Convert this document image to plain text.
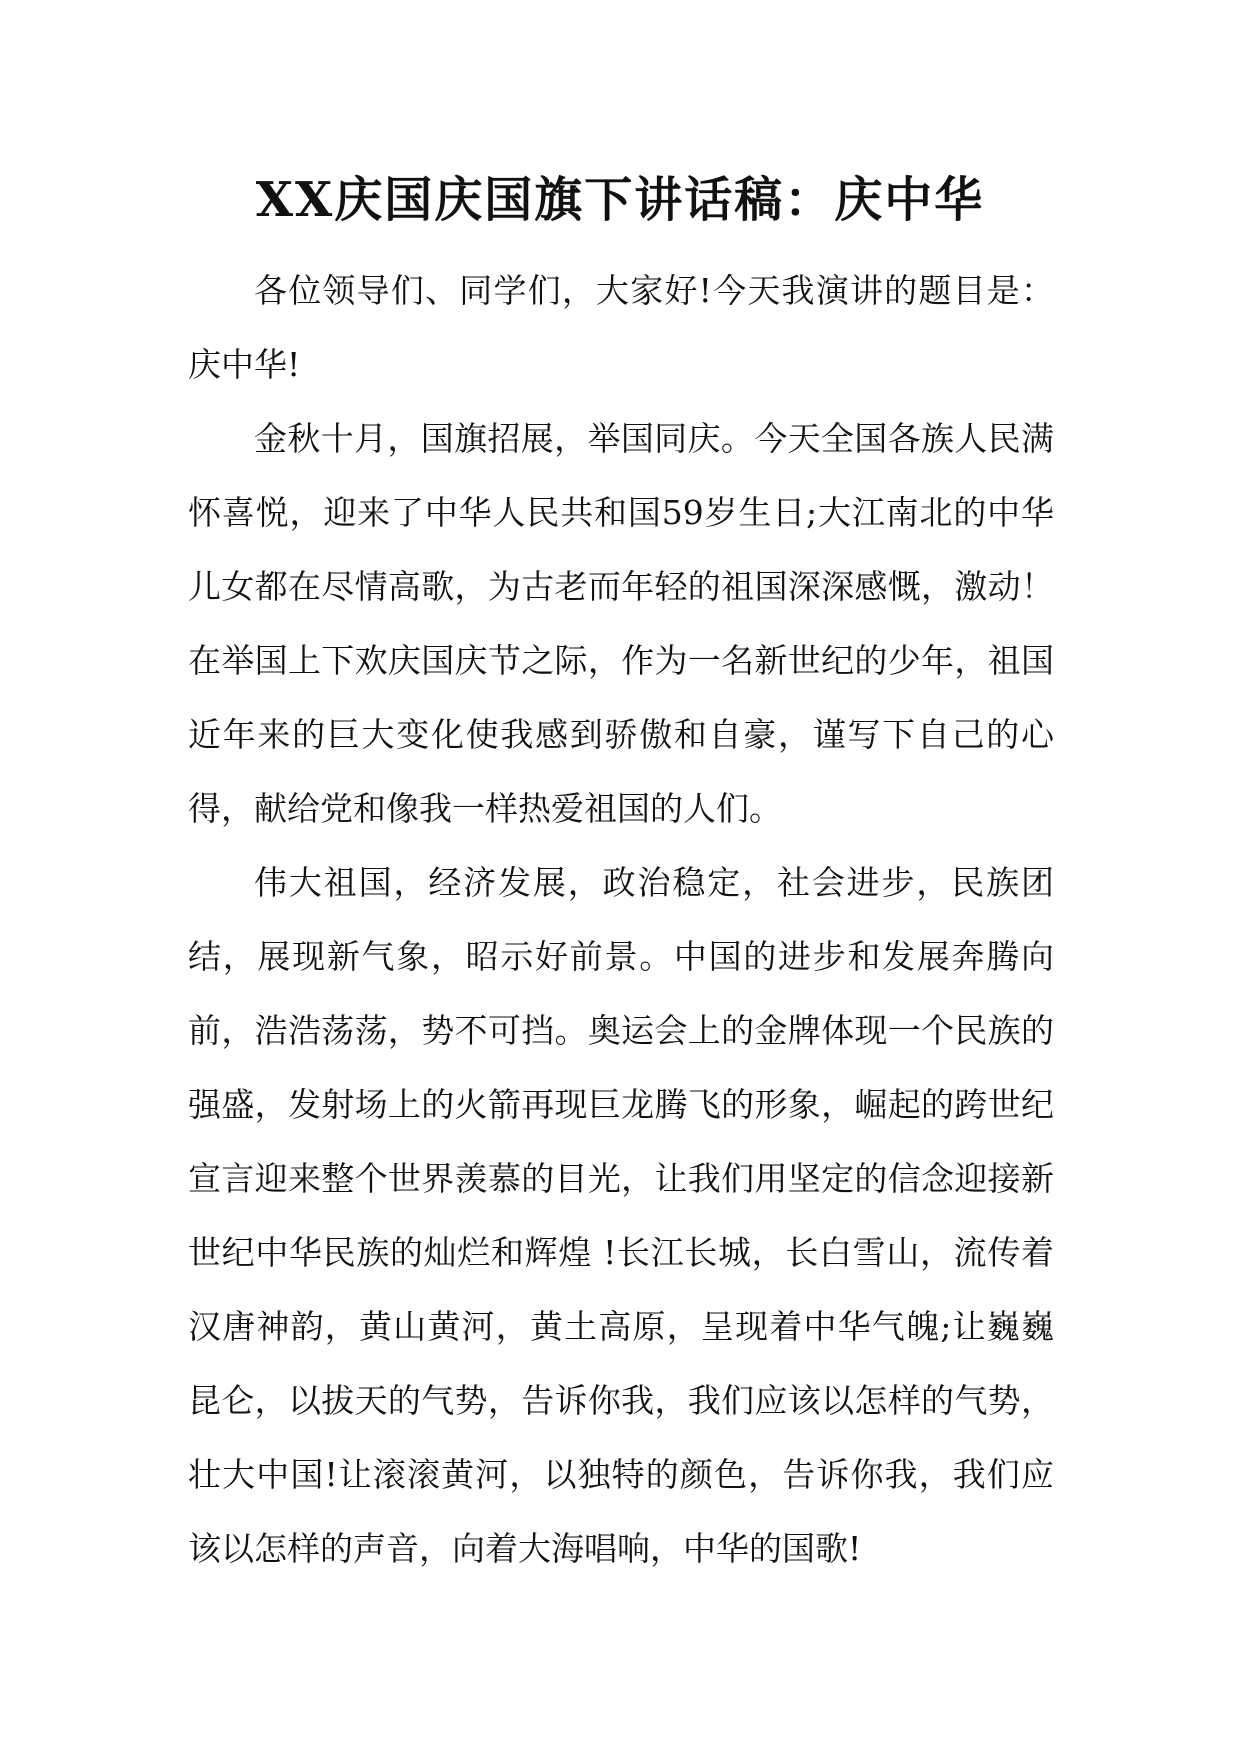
XX庆国庆国旗下讲话稿：庆中华

各位领导们、同学们，大家好!今天我演讲的题目是：庆中华!

金秋十月，国旗招展，举国同庆。今天全国各族人民满怀喜悦，迎来了中华人民共和国59岁生日;大江南北的中华儿女都在尽情高歌，为古老而年轻的祖国深深感慨，激动！在举国上下欢庆国庆节之际，作为一名新世纪的少年，祖国近年来的巨大变化使我感到骄傲和自豪，谨写下自己的心得，献给党和像我一样热爱祖国的人们。

伟大祖国，经济发展，政治稳定，社会进步，民族团结，展现新气象，昭示好前景。中国的进步和发展奔腾向前，浩浩荡荡，势不可挡。奥运会上的金牌体现一个民族的强盛，发射场上的火箭再现巨龙腾飞的形象，崛起的跨世纪宣言迎来整个世界羡慕的目光，让我们用坚定的信念迎接新世纪中华民族的灿烂和辉煌 !长江长城，长白雪山，流传着汉唐神韵，黄山黄河，黄土高原，呈现着中华气魄;让巍巍昆仑，以拔天的气势，告诉你我，我们应该以怎样的气势，壮大中国!让滚滚黄河，以独特的颜色，告诉你我，我们应该以怎样的声音，向着大海唱响，中华的国歌!
